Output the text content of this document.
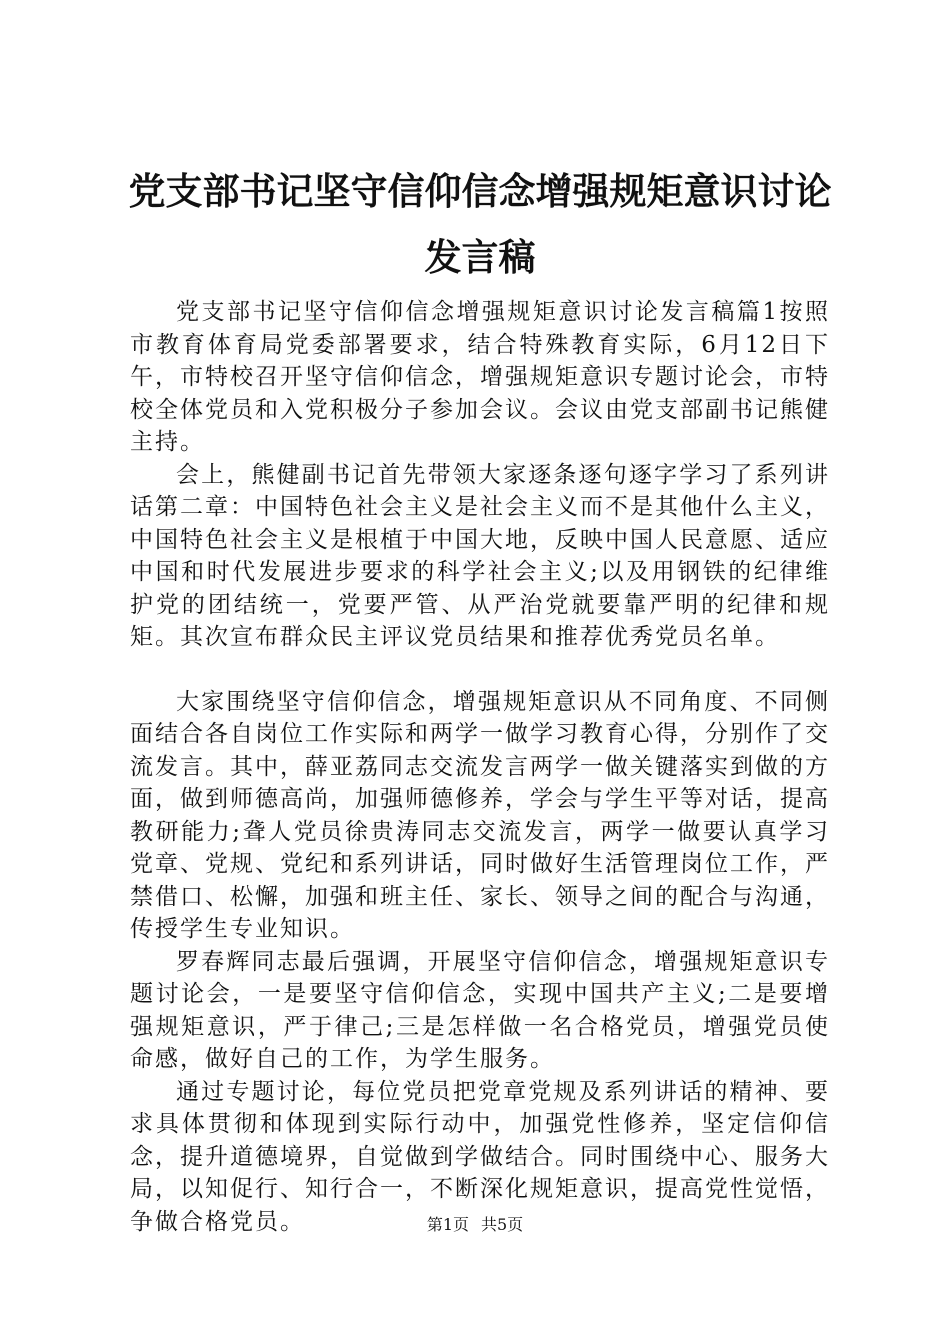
党支部书记坚守信仰信念增强规矩意识讨论发言稿

党支部书记坚守信仰信念增强规矩意识讨论发言稿篇1按照市教育体育局党委部署要求，结合特殊教育实际，6月12日下午，市特校召开坚守信仰信念，增强规矩意识专题讨论会，市特校全体党员和入党积极分子参加会议。会议由党支部副书记熊健主持。

会上，熊健副书记首先带领大家逐条逐句逐字学习了系列讲话第二章：中国特色社会主义是社会主义而不是其他什么主义，中国特色社会主义是根植于中国大地，反映中国人民意愿、适应中国和时代发展进步要求的科学社会主义;以及用钢铁的纪律维护党的团结统一，党要严管、从严治党就要靠严明的纪律和规矩。其次宣布群众民主评议党员结果和推荐优秀党员名单。

大家围绕坚守信仰信念，增强规矩意识从不同角度、不同侧面结合各自岗位工作实际和两学一做学习教育心得，分别作了交流发言。其中，薛亚荔同志交流发言两学一做关键落实到做的方面，做到师德高尚，加强师德修养，学会与学生平等对话，提高教研能力;聋人党员徐贵涛同志交流发言，两学一做要认真学习党章、党规、党纪和系列讲话，同时做好生活管理岗位工作，严禁借口、松懈，加强和班主任、家长、领导之间的配合与沟通，传授学生专业知识。

罗春辉同志最后强调，开展坚守信仰信念，增强规矩意识专题讨论会，一是要坚守信仰信念，实现中国共产主义;二是要增强规矩意识，严于律己;三是怎样做一名合格党员，增强党员使命感，做好自己的工作，为学生服务。

通过专题讨论，每位党员把党章党规及系列讲话的精神、要求具体贯彻和体现到实际行动中，加强党性修养，坚定信仰信念，提升道德境界，自觉做到学做结合。同时围绕中心、服务大局，以知促行、知行合一，不断深化规矩意识，提高党性觉悟，争做合格党员。	第1页 共5页
